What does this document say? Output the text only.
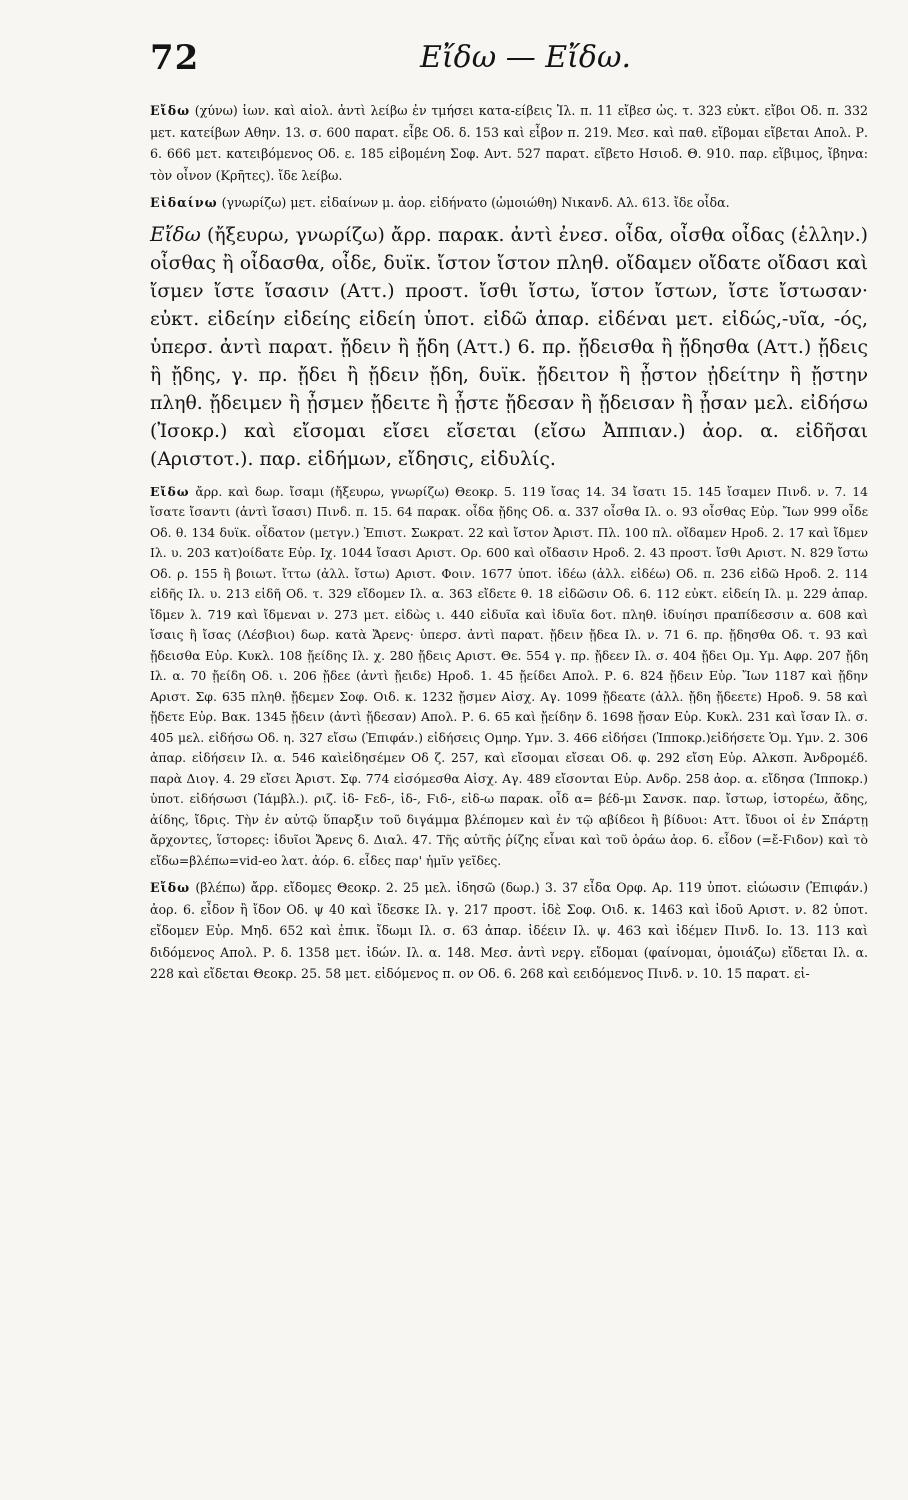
72	Εἴδω — Εἴδω.

Εἴδω (χύνω) ἰων. καὶ αἰολ. ἀντὶ λείβω ἐν τμήσει κατα-είβεις Ἰλ. π. 11 εἴβεσ ὡς. τ. 323 εὐκτ. εἴβοι Οδ. π. 332 μετ. κατείβων Αθην. 13. σ. 600 παρατ. εἶβε Οδ. δ. 153 καὶ εἶβον π. 219. Μεσ. καὶ παθ. εἴβομαι εἴβεται Απολ. Ρ. 6. 666 μετ. κατειβόμενος Οδ. ε. 185 εἰβομένη Σοφ. Αντ. 527 παρατ. εἴβετο Ησιοδ. Θ. 910. παρ. εἴβιμος, ἴβηνα: τὸν οἶνον (Κρῆτες). ἴδε λείβω.

Εἰδαίνω (γνωρίζω) μετ. εἰδαίνων μ. ἀορ. εἰδήνατο (ὡμοιώθη) Νικανδ. Αλ. 613. ἴδε οἶδα.

Εἴδω (ἤξευρω, γνωρίζω) ἄρρ. παρακ. ἀντὶ ἐνεσ. οἶδα, οἶσθα οἶδας (ἑλλην.) οἶσθας ἢ οἶδασθα, οἶδε, δυϊκ. ἴστον ἴστον πληθ. οἴδαμεν οἴδατε οἴδασι καὶ ἴσμεν ἴστε ἴσασιν (Αττ.) προστ. ἴσθι ἴστω, ἴστον ἴστων, ἴστε ἴστωσαν· εὐκτ. εἰδείην εἰδείης εἰδείη ὑποτ. εἰδῶ ἀπαρ. εἰδέναι μετ. εἰδώς,-υῖα, -ός, ὑπερσ. ἀντὶ παρατ. ᾔδειν ἢ ᾔδη (Αττ.) 6. πρ. ᾔδεισθα ἢ ᾔδησθα (Αττ.) ᾔδεις ἢ ᾔδης, γ. πρ. ᾔδει ἢ ᾔδειν ᾔδη, δυϊκ. ᾔδειτον ἢ ᾖστον ᾐδείτην ἢ ᾔστην πληθ. ᾔδειμεν ἢ ᾖσμεν ᾔδειτε ἢ ᾖστε ᾔδεσαν ἢ ᾔδεισαν ἢ ᾖσαν μελ. εἰδήσω (Ἰσοκρ.) καὶ εἴσομαι εἴσει εἴσεται (εἴσω Ἀππιαν.) ἀορ. α. εἰδῆσαι (Αριστοτ.). παρ. εἰδήμων, εἴδησις, εἰδυλίς.

Εἴδω ἄρρ. καὶ δωρ. ἴσαμι (ἤξευρω, γνωρίζω) Θεοκρ. 5. 119 ἴσας 14. 34 ἴσατι 15. 145 ἴσαμεν Πινδ. ν. 7. 14 ἴσατε ἴσαντι (ἀντὶ ἴσασι) Πινδ. π. 15. 64 παρακ. οἶδα ᾔδης Οδ. α. 337 οἶσθα Ιλ. ο. 93 οἶσθας Εὐρ. Ἴων 999 οἶδε Οδ. θ. 134 δυϊκ. οἶδατον (μετγν.) Ἐπιστ. Σωκρατ. 22 καὶ ἴστον Ἀριστ. Πλ. 100 πλ. οἴδαμεν Ηροδ. 2. 17 καὶ ἴδμεν Ιλ. υ. 203 κατ)οίδατε Εὐρ. Ιχ. 1044 ἴσασι Αριστ. Ορ. 600 καὶ οἴδασιν Ηροδ. 2. 43 προστ. ἴσθι Αριστ. Ν. 829 ἴστω Οδ. ρ. 155 ἢ βοιωτ. ἴττω (ἀλλ. ἴστω) Αριστ. Φοιν. 1677 ὑποτ. ἰδέω (ἀλλ. εἰδέω) Οδ. π. 236 εἰδῶ Ηροδ. 2. 114 εἰδῆς Ιλ. υ. 213 εἰδῆ Οδ. τ. 329 εἴδομεν Ιλ. α. 363 εἴδετε θ. 18 εἰδῶσιν Οδ. 6. 112 εὐκτ. εἰδείη Ιλ. μ. 229 ἀπαρ. ἴδμεν λ. 719 καὶ ἴδμεναι ν. 273 μετ. εἰδὼς ι. 440 εἰδυῖα καὶ ἰδυῖα δοτ. πληθ. ἰδυίησι πραπίδεσσιν α. 608 καὶ ἴσαις ἢ ἴσας (Λέσβιοι) δωρ. κατὰ Ἄρενς· ὑπερσ. ἀντὶ παρατ. ᾔδειν ᾔδεα Ιλ. ν. 71 6. πρ. ᾔδησθα Οδ. τ. 93 καὶ ᾔδεισθα Εὐρ. Κυκλ. 108 ᾔείδης Ιλ. χ. 280 ᾔδεις Αριστ. Θε. 554 γ. πρ. ᾔδεεν Ιλ. σ. 404 ᾔδει Ομ. Υμ. Αφρ. 207 ᾔδη Ιλ. α. 70 ᾔείδη Οδ. ι. 206 ᾔδεε (ἀντὶ ᾔειδε) Ηροδ. 1. 45 ᾔείδει Απολ. Ρ. 6. 824 ᾔδειν Εὐρ. Ἴων 1187 καὶ ᾔδην Αριστ. Σφ. 635 πληθ. ᾔδεμεν Σοφ. Οιδ. κ. 1232 ᾔσμεν Αἰσχ. Αγ. 1099 ᾔδεατε (ἀλλ. ᾔδη ᾔδεετε) Ηροδ. 9. 58 καὶ ᾔδετε Εὐρ. Βακ. 1345 ᾔδειν (ἀντὶ ᾔδεσαν) Απολ. Ρ. 6. 65 καὶ ᾔείδην δ. 1698 ᾔσαν Εὐρ. Κυκλ. 231 καὶ ἴσαν Ιλ. σ. 405 μελ. εἰδήσω Οδ. η. 327 εἴσω (Ἐπιφάν.) εἰδήσεις Ομηρ. Υμν. 3. 466 εἰδήσει (Ἱπποκρ.)εἰδήσετε Ὁμ. Υμν. 2. 306 ἀπαρ. εἰδήσειν Ιλ. α. 546 καὶεἰδησέμεν Οδ ζ. 257, καὶ εἴσομαι εἴσεαι Οδ. φ. 292 εἴση Εὐρ. Αλκσπ. Ἀνδρομέδ. παρὰ Διογ. 4. 29 εἴσει Ἀριστ. Σφ. 774 εἰσόμεσθα Αἰσχ. Αγ. 489 εἴσονται Εὐρ. Ανδρ. 258 ἀορ. α. εἴδησα (Ἱπποκρ.) ὑποτ. εἰδήσωσι (Ἰάμβλ.). ριζ. ἰδ- Ϝεδ-, ἰδ-, Ϝιδ-, εἰδ-ω παρακ. οἶδ α= βέδ-μι Σανσκ. παρ. ἴστωρ, ἱστορέω, ἄδης, ἀίδης, ἴδρις. Τὴν ἐν αὐτῷ ὕπαρξιν τοῦ διγάμμα βλέπομεν καὶ ἐν τῷ αβίδεοι ἢ βίδυοι: Αττ. ἴδυοι οἱ ἐν Σπάρτῃ ἄρχοντες, ἵστορες: ἰδυῖοι Ἄρενς δ. Διαλ. 47. Τῆς αὐτῆς ῥίζης εἶναι καὶ τοῦ ὁράω ἀορ. 6. εἶδον (=ἔ-Ϝιδον) καὶ τὸ εἴδω=βλέπω=vid-eo λατ. ἀόρ. 6. εἶδες παρ' ἡμῖν γεῖδες.

Εἴδω (βλέπω) ἄρρ. εἴδομες Θεοκρ. 2. 25 μελ. ἰδησῶ (δωρ.) 3. 37 εἶδα Ορφ. Αρ. 119 ὑποτ. εἰώωσιν (Ἐπιφάν.) ἀορ. 6. εἶδον ἢ ἴδον Οδ. ψ 40 καὶ ἴδεσκε Ιλ. γ. 217 προστ. ἰδὲ Σοφ. Οιδ. κ. 1463 καὶ ἰδοῦ Αριστ. ν. 82 ὑποτ. εἴδομεν Εὐρ. Μηδ. 652 καὶ ἐπικ. ἴδωμι Ιλ. σ. 63 ἀπαρ. ἰδέειν Ιλ. ψ. 463 καὶ ἰδέμεν Πινδ. Ιο. 13. 113 καὶ διδόμενος Απολ. Ρ. δ. 1358 μετ. ἰδών. Ιλ. α. 148. Μεσ. ἀντὶ νεργ. εἴδομαι (φαίνομαι, ὁμοιάζω) εἴδεται Ιλ. α. 228 καὶ εἴδεται Θεοκρ. 25. 58 μετ. εἰδόμενος π. ον Οδ. 6. 268 καὶ εειδόμενος Πινδ. ν. 10. 15 παρατ. εἰ-
